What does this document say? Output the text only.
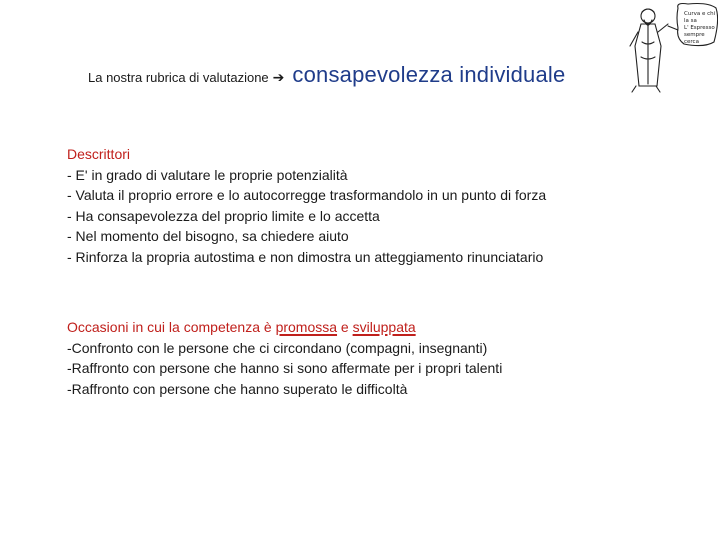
La nostra rubrica di valutazione ➔ consapevolezza individuale
Curva e chi
la sa
L' Espresso
sempre
cerca
Descrittori
- E' in grado di valutare le proprie potenzialità
- Valuta il proprio errore e lo autocorregge trasformandolo in un punto di forza
- Ha consapevolezza del proprio limite e lo accetta
- Nel momento del bisogno, sa chiedere aiuto
- Rinforza la propria autostima e non dimostra un atteggiamento rinunciatario
Occasioni in cui la competenza è promossa e sviluppata
-Confronto con le persone che ci circondano (compagni, insegnanti)
-Raffronto con persone che hanno si sono affermate per i propri talenti
-Raffronto con persone che hanno superato le difficoltà
